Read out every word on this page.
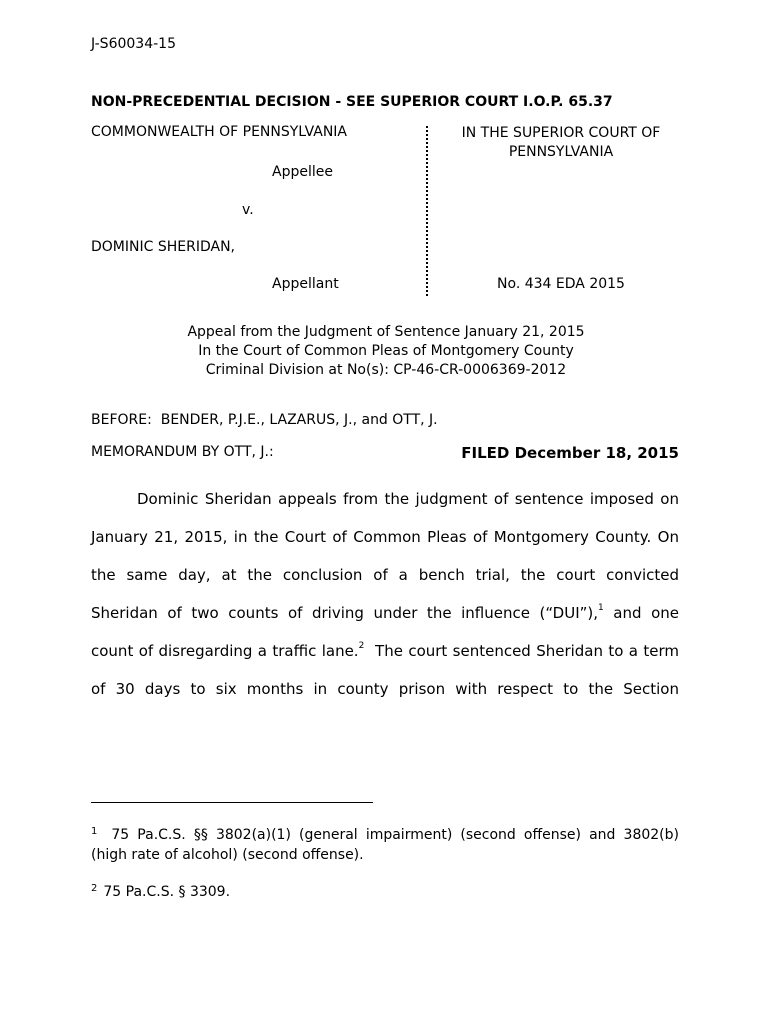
J-S60034-15
NON-PRECEDENTIAL DECISION - SEE SUPERIOR COURT I.O.P. 65.37
COMMONWEALTH OF PENNSYLVANIA
Appellee
v.
DOMINIC SHERIDAN,
Appellant
IN THE SUPERIOR COURT OF
PENNSYLVANIA
No. 434 EDA 2015
Appeal from the Judgment of Sentence January 21, 2015
In the Court of Common Pleas of Montgomery County
Criminal Division at No(s): CP-46-CR-0006369-2012
BEFORE:  BENDER, P.J.E., LAZARUS, J., and OTT, J.
MEMORANDUM BY OTT, J.:	FILED December 18, 2015
Dominic Sheridan appeals from the judgment of sentence imposed on
January 21, 2015, in the Court of Common Pleas of Montgomery County. On
the same day, at the conclusion of a bench trial, the court convicted
Sheridan of two counts of driving under the influence (“DUI”),$^1$ and one
count of disregarding a traffic lane.$^2$  The court sentenced Sheridan to a term
of 30 days to six months in county prison with respect to the Section
$^1$ 75 Pa.C.S. §§ 3802(a)(1) (general impairment) (second offense) and 3802(b) (high rate of alcohol) (second offense).
$^2$ 75 Pa.C.S. § 3309.
